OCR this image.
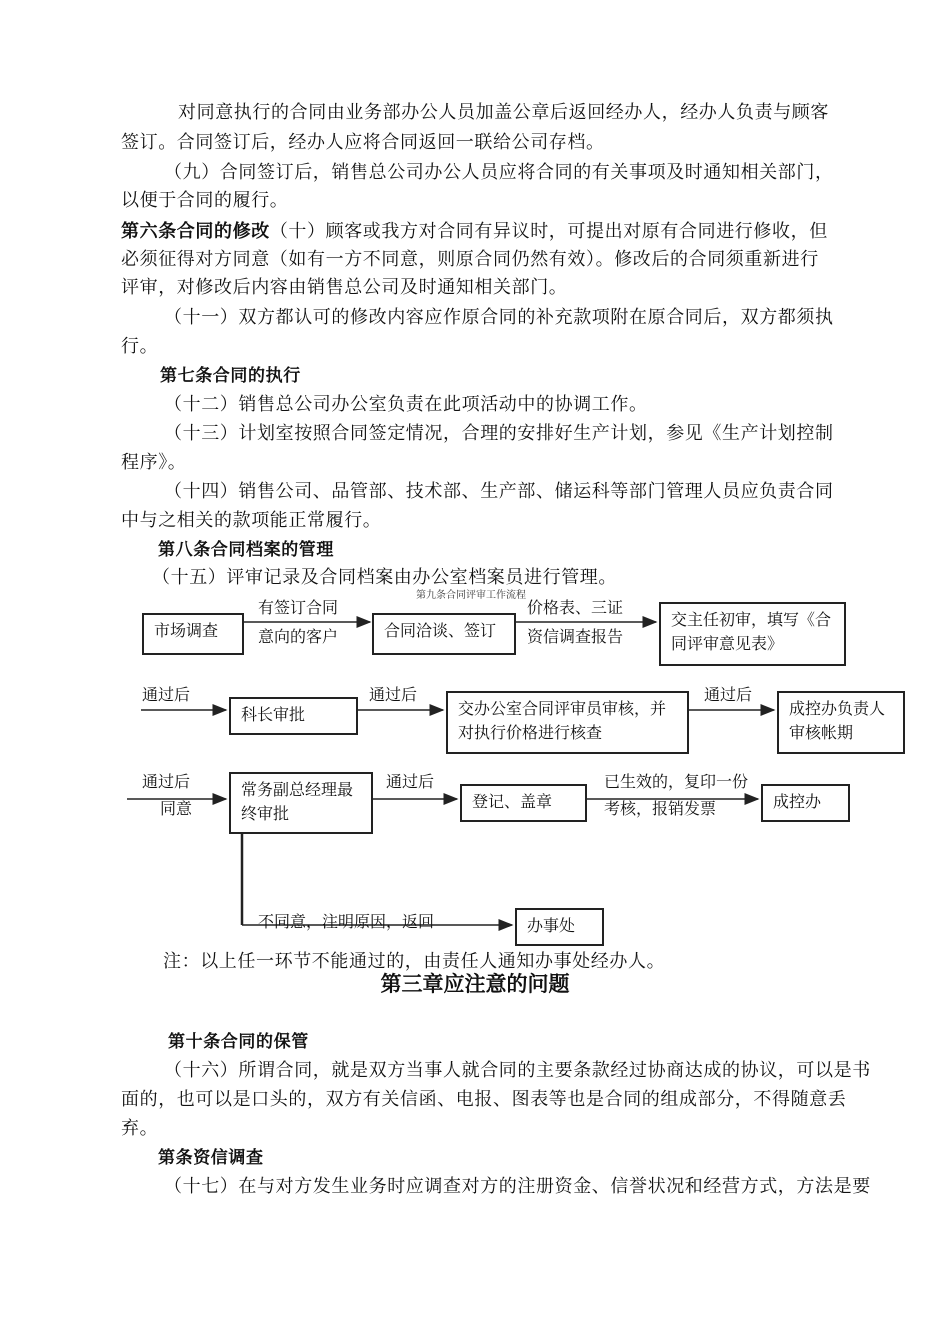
对同意执行的合同由业务部办公人员加盖公章后返回经办人，经办人负责与顾客
签订。合同签订后，经办人应将合同返回一联给公司存档。
（九）合同签订后，销售总公司办公人员应将合同的有关事项及时通知相关部门，
以便于合同的履行。
第六条合同的修改（十）顾客或我方对合同有异议时，可提出对原有合同进行修收，但
必须征得对方同意（如有一方不同意，则原合同仍然有效）。修改后的合同须重新进行
评审，对修改后内容由销售总公司及时通知相关部门。
（十一）双方都认可的修改内容应作原合同的补充款项附在原合同后，双方都须执
行。
第七条合同的执行
（十二）销售总公司办公室负责在此项活动中的协调工作。
（十三）计划室按照合同签定情况，合理的安排好生产计划，参见《生产计划控制
程序》。
（十四）销售公司、品管部、技术部、生产部、储运科等部门管理人员应负责合同
中与之相关的款项能正常履行。
第八条合同档案的管理
（十五）评审记录及合同档案由办公室档案员进行管理。
第九条合同评审工作流程
市场调查
有签订合同
意向的客户	合同洽谈、签订
价格表、三证
资信调查报告
交主任初审，填写《合
同评审意见表》
通过后
科长审批
通过后
交办公室合同评审员审核，并
对执行价格进行核查
通过后
成控办负责人
审核帐期
通过后
同意
常务副总经理最
终审批
通过后
登记、盖章
已生效的，复印一份
考核，报销发票	成控办
不同意，注明原因，返回	办事处
注：以上任一环节不能通过的，由责任人通知办事处经办人。
第三章应注意的问题
第十条合同的保管
（十六）所谓合同，就是双方当事人就合同的主要条款经过协商达成的协议，可以是书
面的，也可以是口头的，双方有关信函、电报、图表等也是合同的组成部分，不得随意丢
弃。
第条资信调查
（十七）在与对方发生业务时应调查对方的注册资金、信誉状况和经营方式，方法是要
